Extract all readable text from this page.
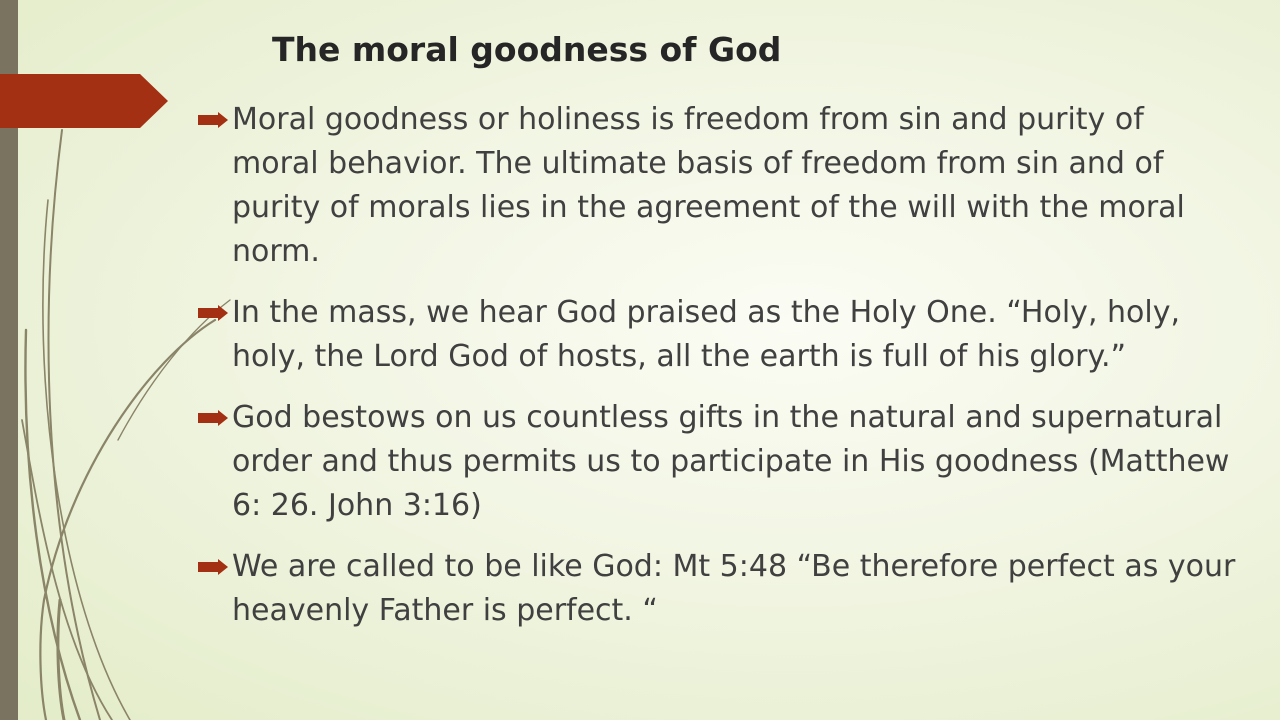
The moral goodness of God
Moral goodness or holiness is freedom from sin and purity of moral behavior. The ultimate basis of freedom from sin and of purity of morals lies in the agreement of the will with the moral norm.
In the mass, we hear God praised as the Holy One. “Holy, holy, holy, the Lord God of hosts, all the earth is full of his glory.”
God bestows on us countless gifts in the natural and supernatural order and thus permits us to participate in His goodness (Matthew 6: 26. John 3:16)
We are called to be like God: Mt 5:48 “Be therefore perfect as your heavenly Father is perfect. “
